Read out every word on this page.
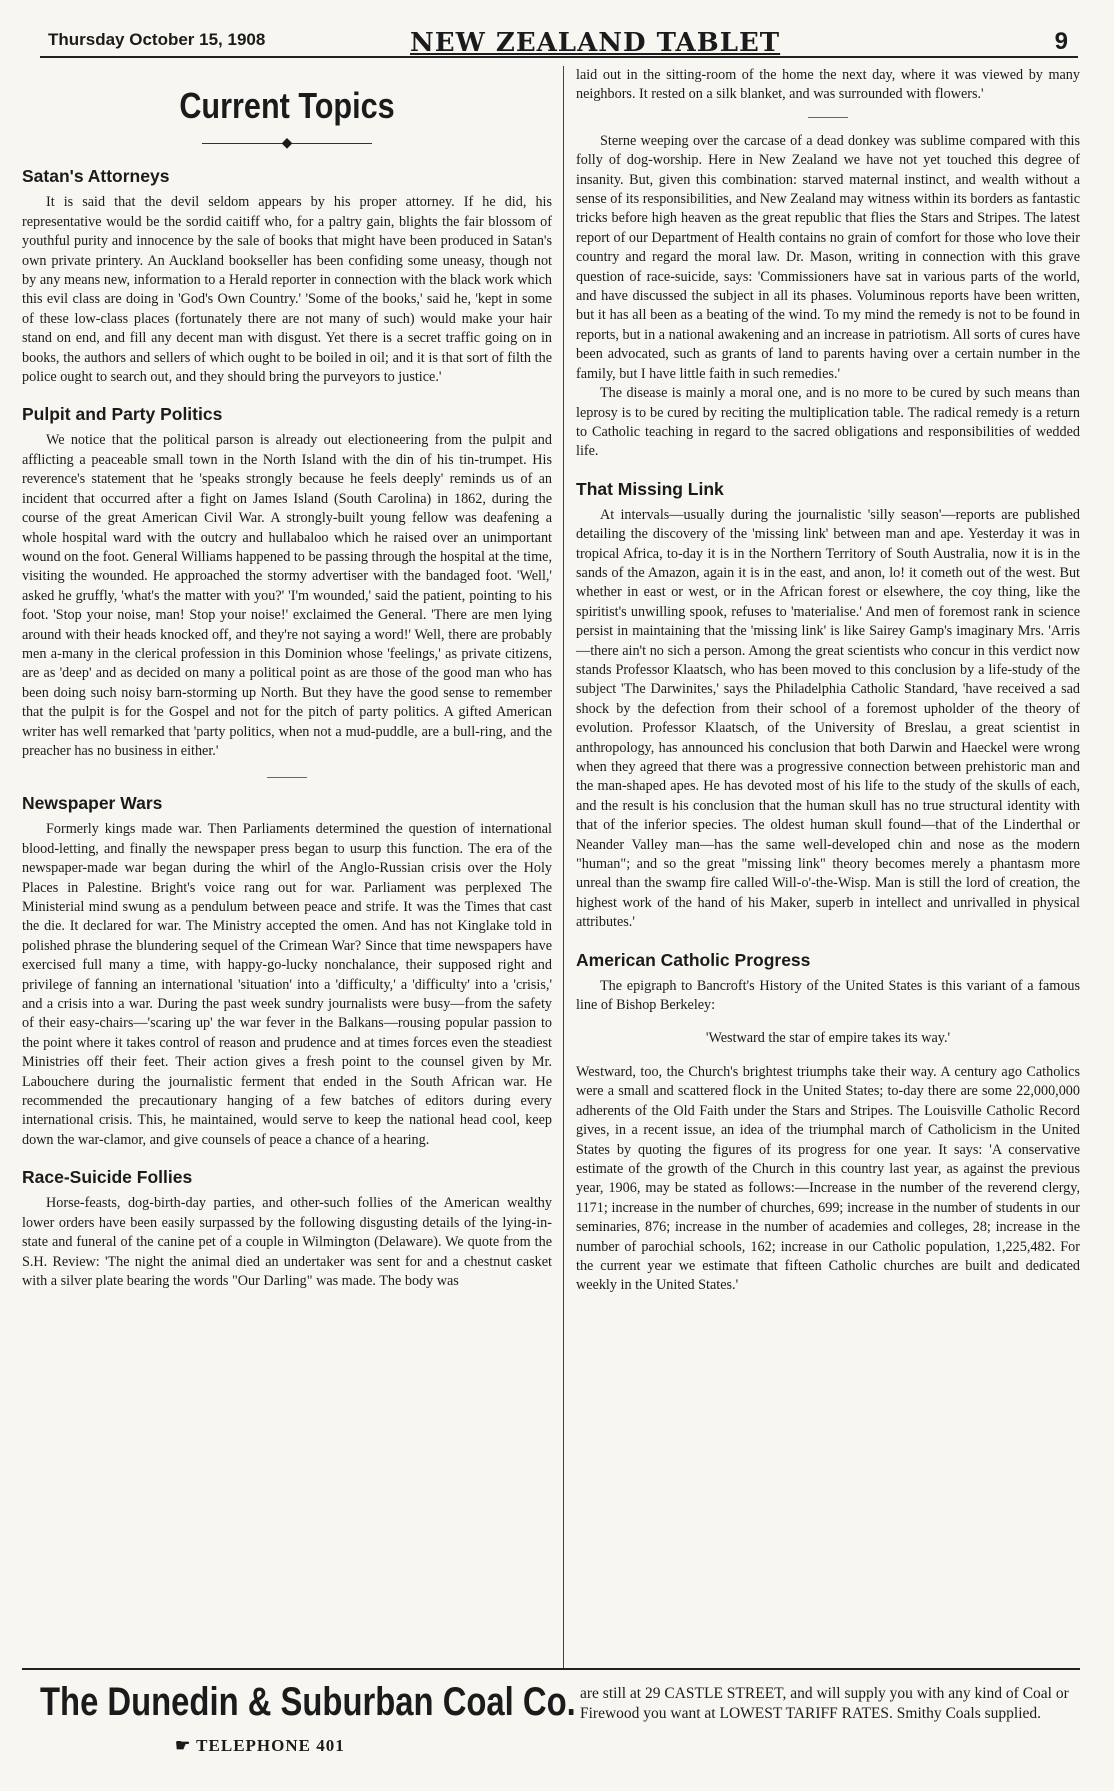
Thursday October 15, 1908	NEW ZEALAND TABLET	9
Current Topics
◆
Satan's Attorneys

It is said that the devil seldom appears by his proper attorney. If he did, his representative would be the sordid caitiff who, for a paltry gain, blights the fair blossom of youthful purity and innocence by the sale of books that might have been produced in Satan's own private printery. An Auckland bookseller has been confiding some uneasy, though not by any means new, information to a Herald reporter in connection with the black work which this evil class are doing in 'God's Own Country.' 'Some of the books,' said he, 'kept in some of these low-class places (fortunately there are not many of such) would make your hair stand on end, and fill any decent man with disgust. Yet there is a secret traffic going on in books, the authors and sellers of which ought to be boiled in oil; and it is that sort of filth the police ought to search out, and they should bring the purveyors to justice.'

Pulpit and Party Politics

We notice that the political parson is already out electioneering from the pulpit and afflicting a peaceable small town in the North Island with the din of his tin-trumpet. His reverence's statement that he 'speaks strongly because he feels deeply' reminds us of an incident that occurred after a fight on James Island (South Carolina) in 1862, during the course of the great American Civil War. A strongly-built young fellow was deafening a whole hospital ward with the outcry and hullabaloo which he raised over an unimportant wound on the foot. General Williams happened to be passing through the hospital at the time, visiting the wounded. He approached the stormy advertiser with the bandaged foot. 'Well,' asked he gruffly, 'what's the matter with you?' 'I'm wounded,' said the patient, pointing to his foot. 'Stop your noise, man! Stop your noise!' exclaimed the General. 'There are men lying around with their heads knocked off, and they're not saying a word!' Well, there are probably men a-many in the clerical profession in this Dominion whose 'feelings,' as private citizens, are as 'deep' and as decided on many a political point as are those of the good man who has been doing such noisy barn-storming up North. But they have the good sense to remember that the pulpit is for the Gospel and not for the pitch of party politics. A gifted American writer has well remarked that 'party politics, when not a mud-puddle, are a bull-ring, and the preacher has no business in either.'

Newspaper Wars

Formerly kings made war. Then Parliaments determined the question of international blood-letting, and finally the newspaper press began to usurp this function. The era of the newspaper-made war began during the whirl of the Anglo-Russian crisis over the Holy Places in Palestine. Bright's voice rang out for war. Parliament was perplexed The Ministerial mind swung as a pendulum between peace and strife. It was the Times that cast the die. It declared for war. The Ministry accepted the omen. And has not Kinglake told in polished phrase the blundering sequel of the Crimean War? Since that time newspapers have exercised full many a time, with happy-go-lucky nonchalance, their supposed right and privilege of fanning an international 'situation' into a 'difficulty,' a 'difficulty' into a 'crisis,' and a crisis into a war. During the past week sundry journalists were busy—from the safety of their easy-chairs—'scaring up' the war fever in the Balkans—rousing popular passion to the point where it takes control of reason and prudence and at times forces even the steadiest Ministries off their feet. Their action gives a fresh point to the counsel given by Mr. Labouchere during the journalistic ferment that ended in the South African war. He recommended the precautionary hanging of a few batches of editors during every international crisis. This, he maintained, would serve to keep the national head cool, keep down the war-clamor, and give counsels of peace a chance of a hearing.

Race-Suicide Follies

Horse-feasts, dog-birth-day parties, and other-such follies of the American wealthy lower orders have been easily surpassed by the following disgusting details of the lying-in-state and funeral of the canine pet of a couple in Wilmington (Delaware). We quote from the S.H. Review: 'The night the animal died an undertaker was sent for and a chestnut casket with a silver plate bearing the words "Our Darling" was made. The body was

laid out in the sitting-room of the home the next day, where it was viewed by many neighbors. It rested on a silk blanket, and was surrounded with flowers.'

Sterne weeping over the carcase of a dead donkey was sublime compared with this folly of dog-worship. Here in New Zealand we have not yet touched this degree of insanity. But, given this combination: starved maternal instinct, and wealth without a sense of its responsibilities, and New Zealand may witness within its borders as fantastic tricks before high heaven as the great republic that flies the Stars and Stripes. The latest report of our Department of Health contains no grain of comfort for those who love their country and regard the moral law. Dr. Mason, writing in connection with this grave question of race-suicide, says: 'Commissioners have sat in various parts of the world, and have discussed the subject in all its phases. Voluminous reports have been written, but it has all been as a beating of the wind. To my mind the remedy is not to be found in reports, but in a national awakening and an increase in patriotism. All sorts of cures have been advocated, such as grants of land to parents having over a certain number in the family, but I have little faith in such remedies.'

The disease is mainly a moral one, and is no more to be cured by such means than leprosy is to be cured by reciting the multiplication table. The radical remedy is a return to Catholic teaching in regard to the sacred obligations and responsibilities of wedded life.

That Missing Link

At intervals—usually during the journalistic 'silly season'—reports are published detailing the discovery of the 'missing link' between man and ape. Yesterday it was in tropical Africa, to-day it is in the Northern Territory of South Australia, now it is in the sands of the Amazon, again it is in the east, and anon, lo! it cometh out of the west. But whether in east or west, or in the African forest or elsewhere, the coy thing, like the spiritist's unwilling spook, refuses to 'materialise.' And men of foremost rank in science persist in maintaining that the 'missing link' is like Sairey Gamp's imaginary Mrs. 'Arris—there ain't no sich a person. Among the great scientists who concur in this verdict now stands Professor Klaatsch, who has been moved to this conclusion by a life-study of the subject 'The Darwinites,' says the Philadelphia Catholic Standard, 'have received a sad shock by the defection from their school of a foremost upholder of the theory of evolution. Professor Klaatsch, of the University of Breslau, a great scientist in anthropology, has announced his conclusion that both Darwin and Haeckel were wrong when they agreed that there was a progressive connection between prehistoric man and the man-shaped apes. He has devoted most of his life to the study of the skulls of each, and the result is his conclusion that the human skull has no true structural identity with that of the inferior species. The oldest human skull found—that of the Linderthal or Neander Valley man—has the same well-developed chin and nose as the modern "human"; and so the great "missing link" theory becomes merely a phantasm more unreal than the swamp fire called Will-o'-the-Wisp. Man is still the lord of creation, the highest work of the hand of his Maker, superb in intellect and unrivalled in physical attributes.'

American Catholic Progress

The epigraph to Bancroft's History of the United States is this variant of a famous line of Bishop Berkeley:

'Westward the star of empire takes its way.'

Westward, too, the Church's brightest triumphs take their way. A century ago Catholics were a small and scattered flock in the United States; to-day there are some 22,000,000 adherents of the Old Faith under the Stars and Stripes. The Louisville Catholic Record gives, in a recent issue, an idea of the triumphal march of Catholicism in the United States by quoting the figures of its progress for one year. It says: 'A conservative estimate of the growth of the Church in this country last year, as against the previous year, 1906, may be stated as follows:—Increase in the number of the reverend clergy, 1171; increase in the number of churches, 699; increase in the number of students in our seminaries, 876; increase in the number of academies and colleges, 28; increase in the number of parochial schools, 162; increase in our Catholic population, 1,225,482. For the current year we estimate that fifteen Catholic churches are built and dedicated weekly in the United States.'

The Dunedin & Suburban Coal Co.
☛ TELEPHONE 401
are still at 29 CASTLE STREET, and will supply you with any kind of Coal or Firewood you want at LOWEST TARIFF RATES. Smithy Coals supplied.
